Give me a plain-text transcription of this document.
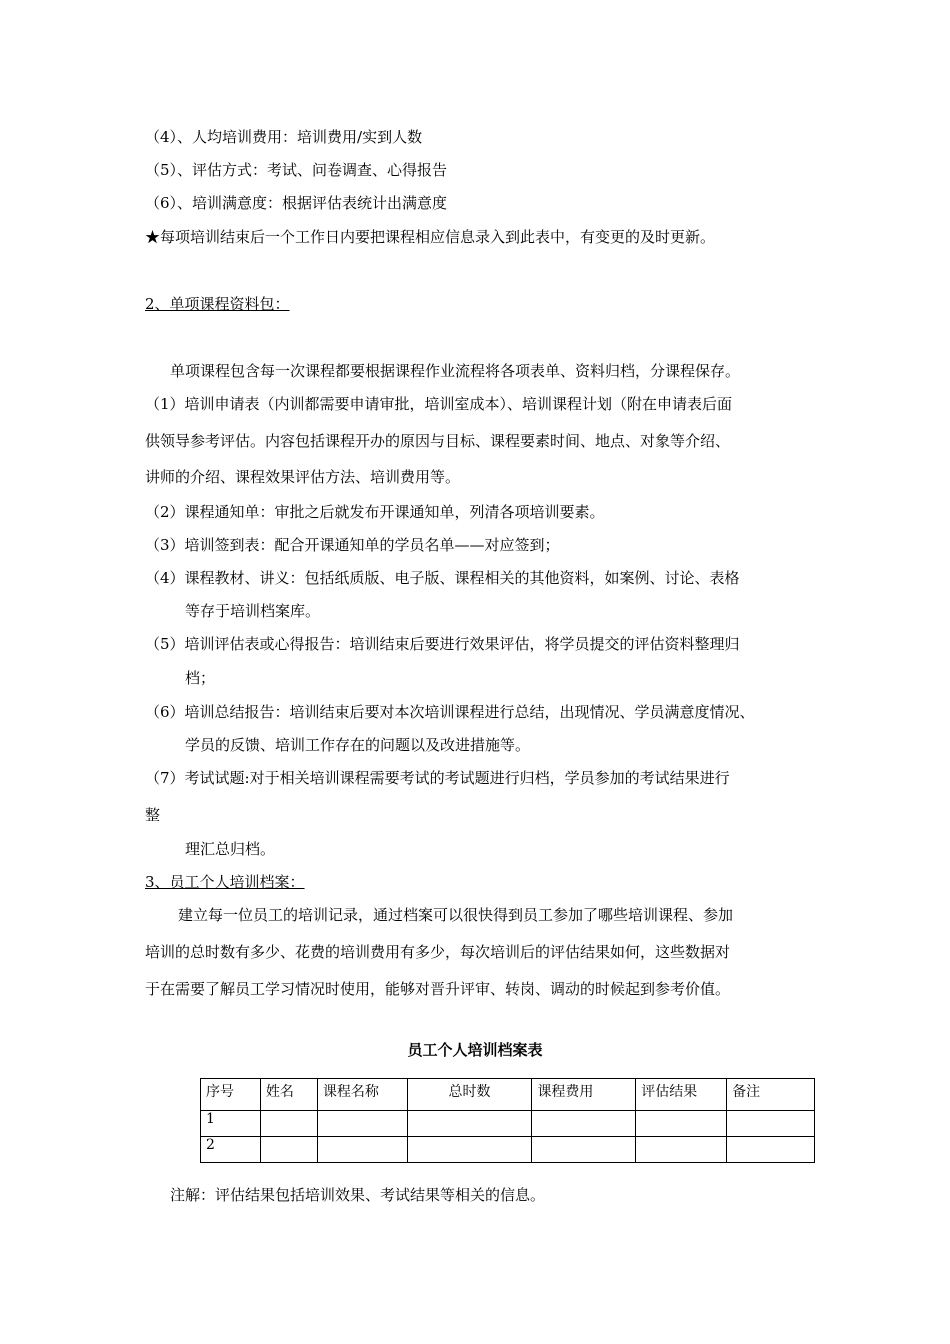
（4）、人均培训费用：培训费用/实到人数
（5）、评估方式：考试、问卷调查、心得报告
（6）、培训满意度：根据评估表统计出满意度
★每项培训结束后一个工作日内要把课程相应信息录入到此表中，有变更的及时更新。
2、单项课程资料包：
单项课程包含每一次课程都要根据课程作业流程将各项表单、资料归档，分课程保存。
（1）培训申请表（内训都需要申请审批，培训室成本）、培训课程计划（附在申请表后面
供领导参考评估。内容包括课程开办的原因与目标、课程要素时间、地点、对象等介绍、
讲师的介绍、课程效果评估方法、培训费用等。
（2）课程通知单：审批之后就发布开课通知单，列清各项培训要素。
（3）培训签到表：配合开课通知单的学员名单——对应签到；
（4）课程教材、讲义：包括纸质版、电子版、课程相关的其他资料，如案例、讨论、表格
等存于培训档案库。
（5）培训评估表或心得报告：培训结束后要进行效果评估，将学员提交的评估资料整理归
档；
（6）培训总结报告：培训结束后要对本次培训课程进行总结，出现情况、学员满意度情况、
学员的反馈、培训工作存在的问题以及改进措施等。
（7）考试试题:对于相关培训课程需要考试的考试题进行归档，学员参加的考试结果进行
整
理汇总归档。
3、员工个人培训档案：
建立每一位员工的培训记录，通过档案可以很快得到员工参加了哪些培训课程、参加
培训的总时数有多少、花费的培训费用有多少，每次培训后的评估结果如何，这些数据对
于在需要了解员工学习情况时使用，能够对晋升评审、转岗、调动的时候起到参考价值。
员工个人培训档案表
序号	姓名	课程名称	总时数	课程费用	评估结果	备注
1						
2						
注解：评估结果包括培训效果、考试结果等相关的信息。
